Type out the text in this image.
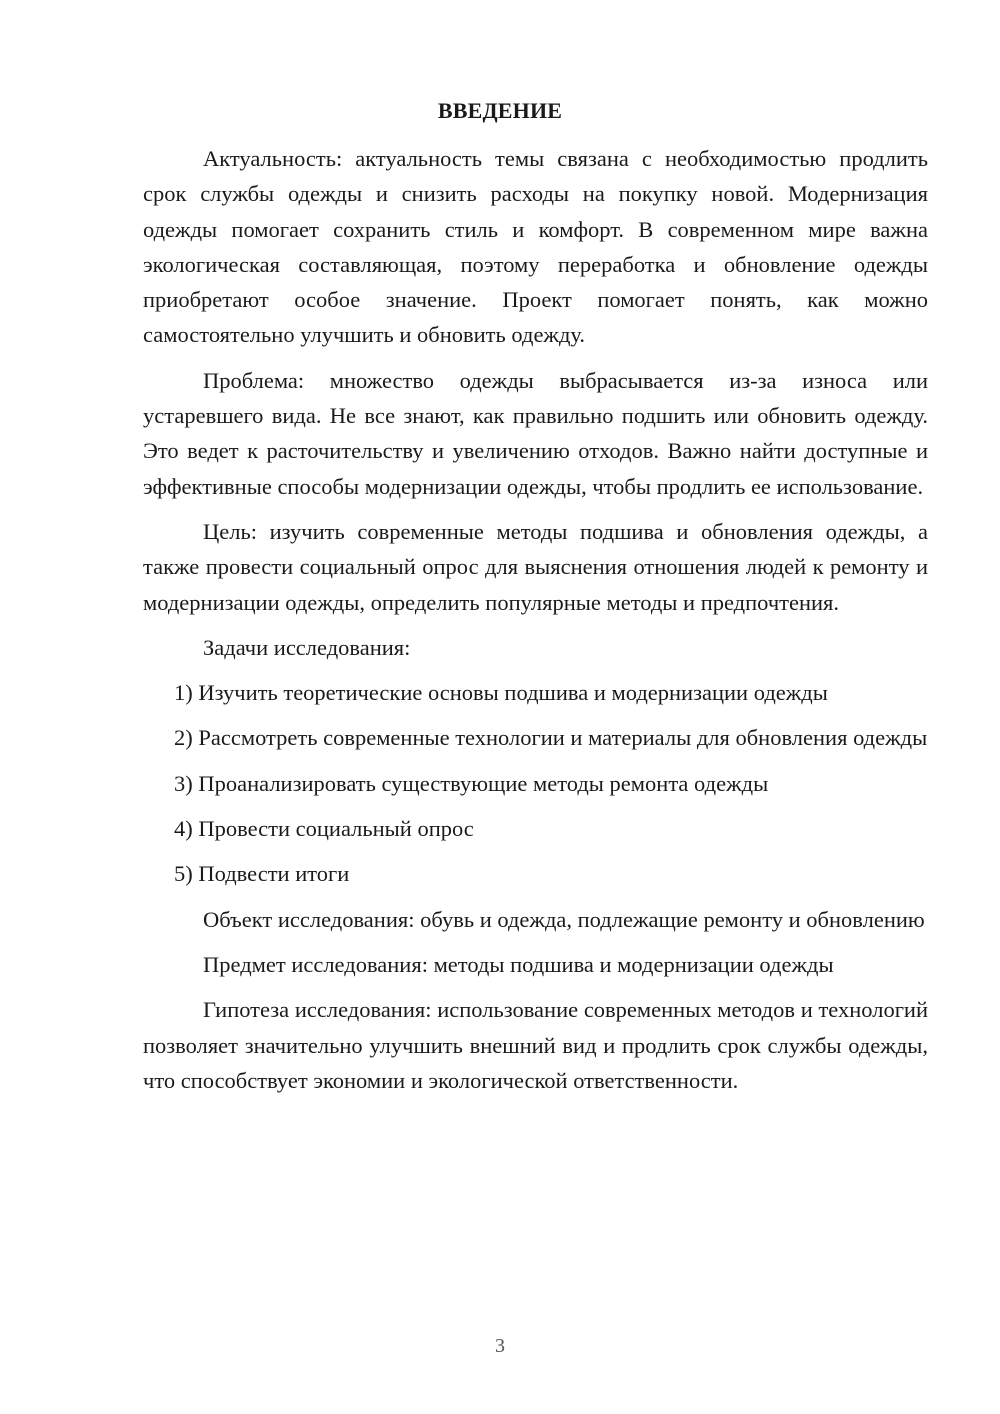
ВВЕДЕНИЕ

Актуальность: актуальность темы связана с необходимостью продлить срок службы одежды и снизить расходы на покупку новой. Модернизация одежды помогает сохранить стиль и комфорт. В современном мире важна экологическая составляющая, поэтому переработка и обновление одежды приобретают особое значение. Проект помогает понять, как можно самостоятельно улучшить и обновить одежду.

Проблема: множество одежды выбрасывается из-за износа или устаревшего вида. Не все знают, как правильно подшить или обновить одежду. Это ведет к расточительству и увеличению отходов. Важно найти доступные и эффективные способы модернизации одежды, чтобы продлить ее использование.

Цель: изучить современные методы подшива и обновления одежды, а также провести социальный опрос для выяснения отношения людей к ремонту и модернизации одежды, определить популярные методы и предпочтения.

Задачи исследования:

1) Изучить теоретические основы подшива и модернизации одежды

2) Рассмотреть современные технологии и материалы для обновления одежды

3) Проанализировать существующие методы ремонта одежды

4) Провести социальный опрос

5) Подвести итоги

Объект исследования: обувь и одежда, подлежащие ремонту и обновлению

Предмет исследования: методы подшива и модернизации одежды

Гипотеза исследования: использование современных методов и технологий позволяет значительно улучшить внешний вид и продлить срок службы одежды, что способствует экономии и экологической ответственности.

3
